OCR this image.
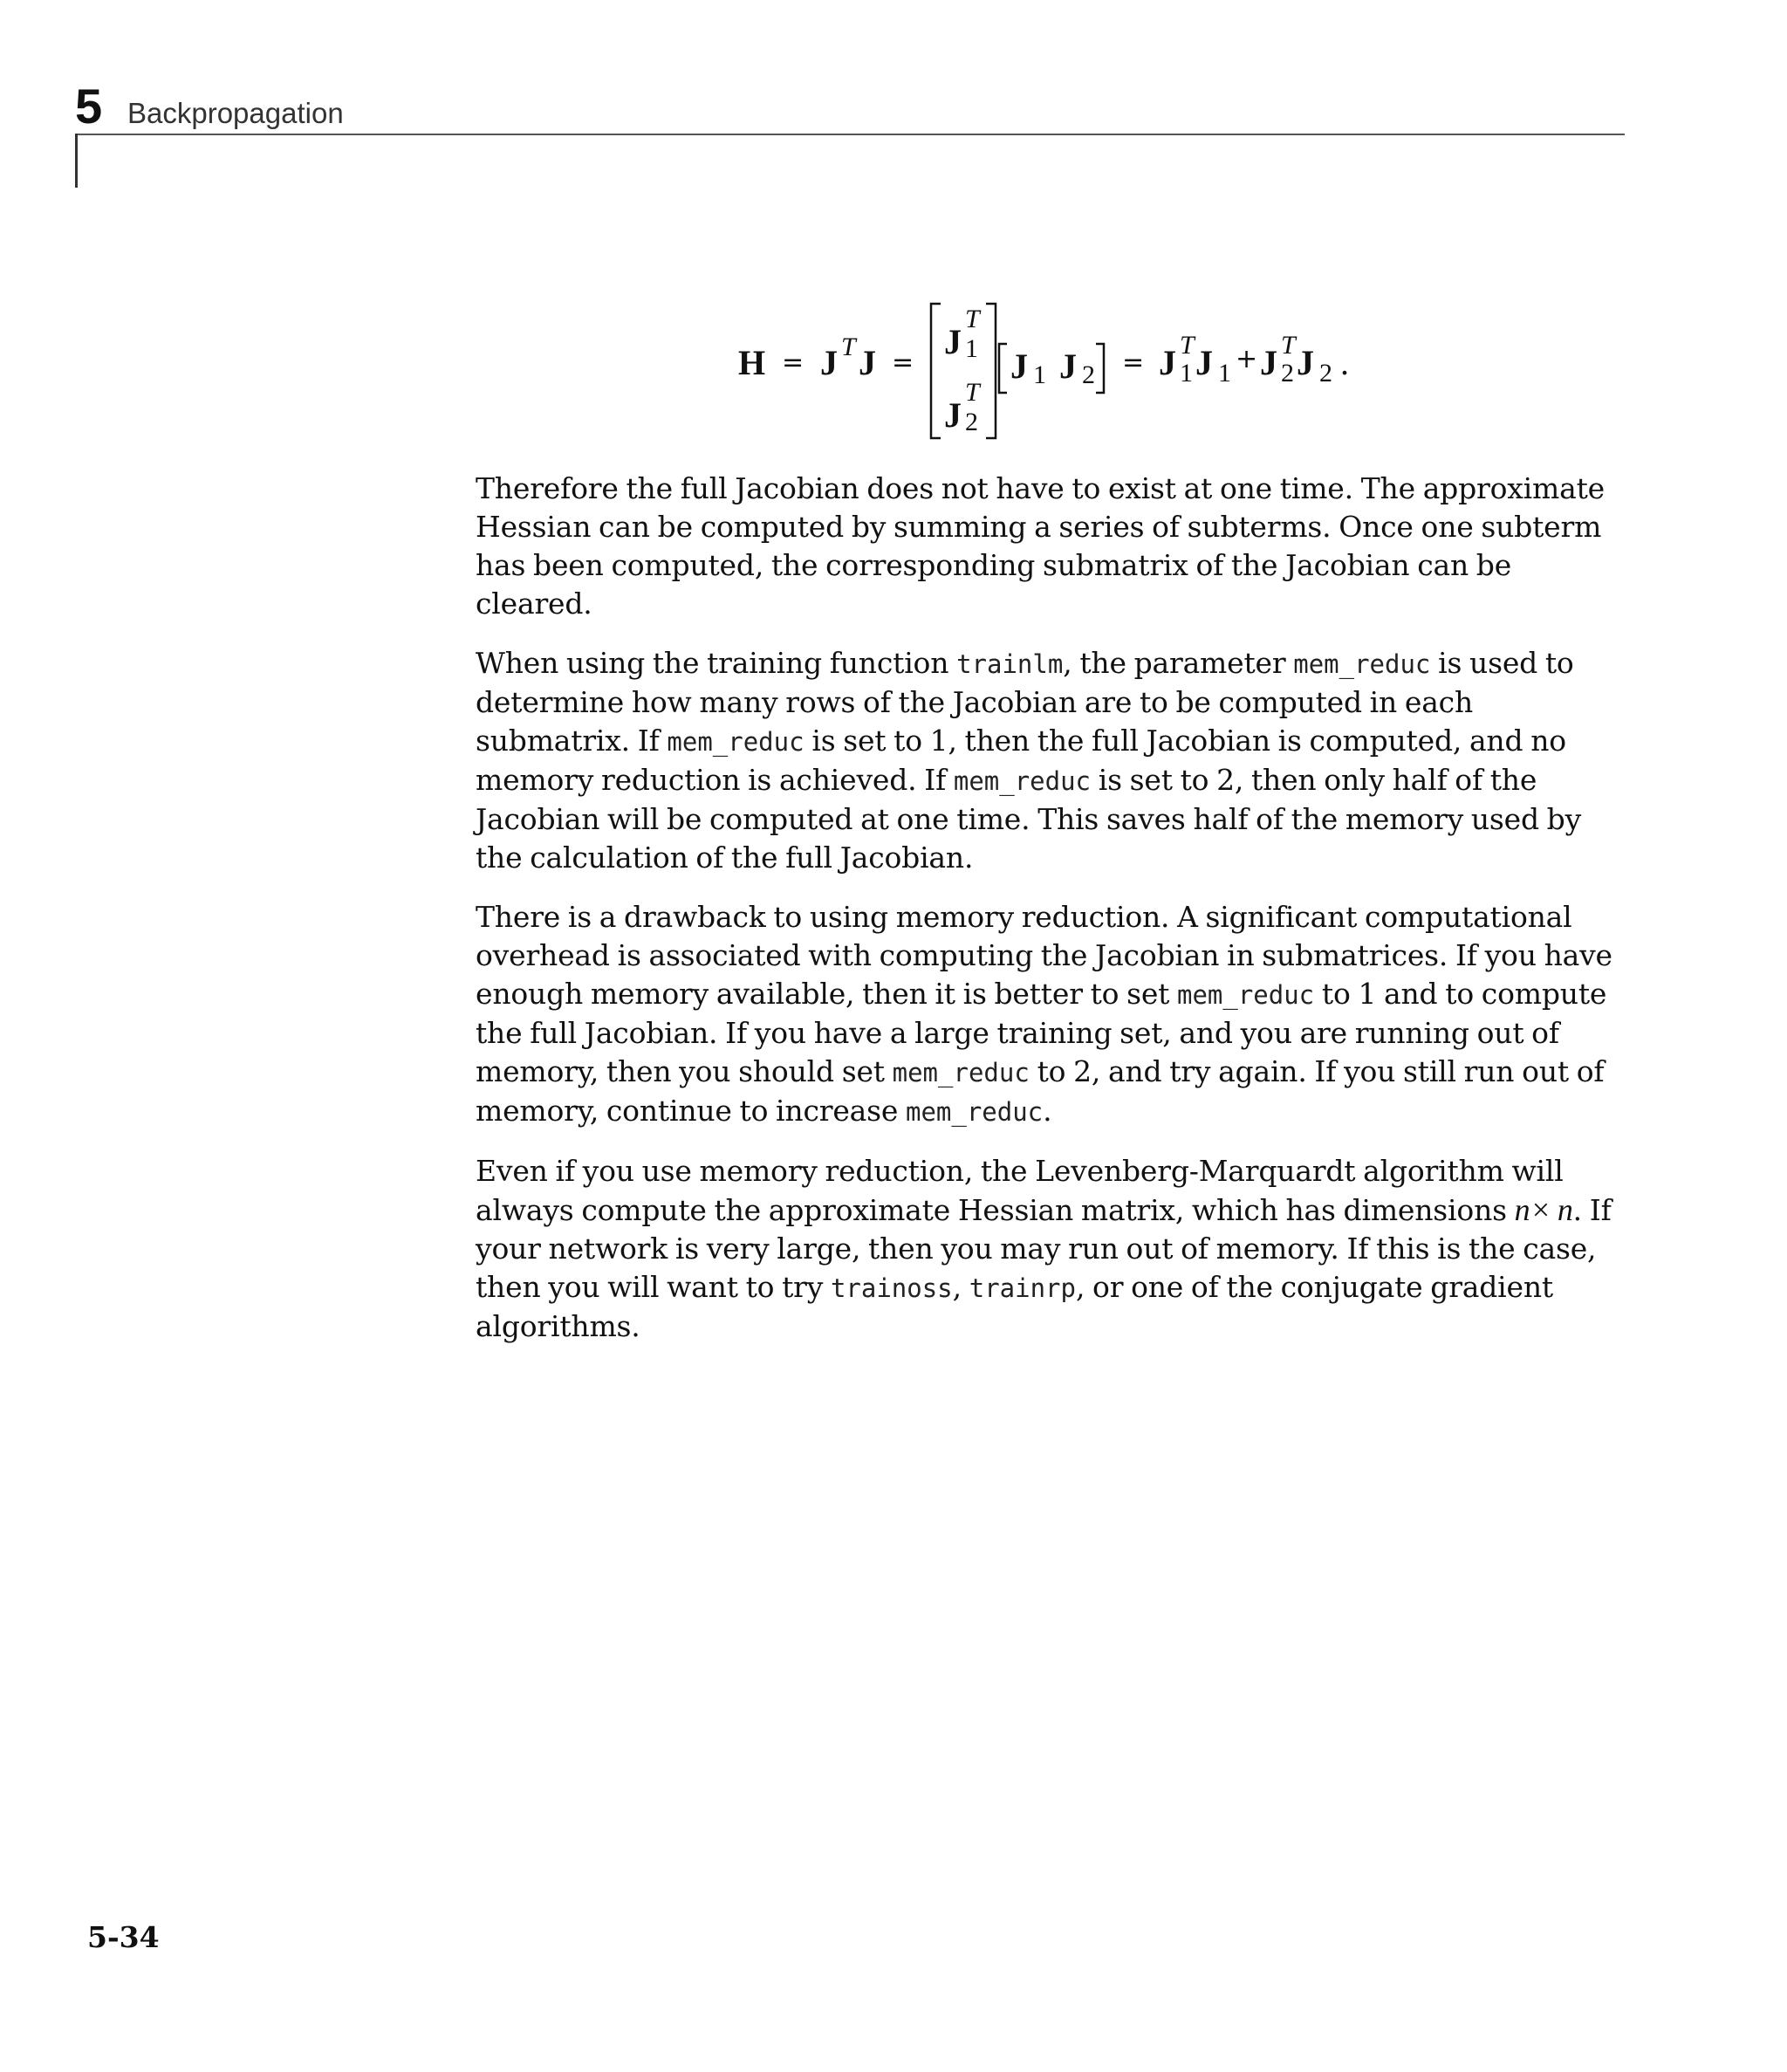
5 Backpropagation
H = J T J =
J
T
1
J
T
2
J 1 J 2 = J T
1 J 1 + J T
2 J 2 .

Therefore the full Jacobian does not have to exist at one time. The approximate Hessian can be computed by summing a series of subterms. Once one subterm has been computed, the corresponding submatrix of the Jacobian can be cleared.

When using the training function trainlm, the parameter mem_reduc is used to determine how many rows of the Jacobian are to be computed in each submatrix. If mem_reduc is set to 1, then the full Jacobian is computed, and no memory reduction is achieved. If mem_reduc is set to 2, then only half of the Jacobian will be computed at one time. This saves half of the memory used by the calculation of the full Jacobian.

There is a drawback to using memory reduction. A significant computational overhead is associated with computing the Jacobian in submatrices. If you have enough memory available, then it is better to set mem_reduc to 1 and to compute the full Jacobian. If you have a large training set, and you are running out of memory, then you should set mem_reduc to 2, and try again. If you still run out of memory, continue to increase mem_reduc.

Even if you use memory reduction, the Levenberg-Marquardt algorithm will always compute the approximate Hessian matrix, which has dimensions n× n. If your network is very large, then you may run out of memory. If this is the case, then you will want to try trainoss, trainrp, or one of the conjugate gradient algorithms.

5-34
